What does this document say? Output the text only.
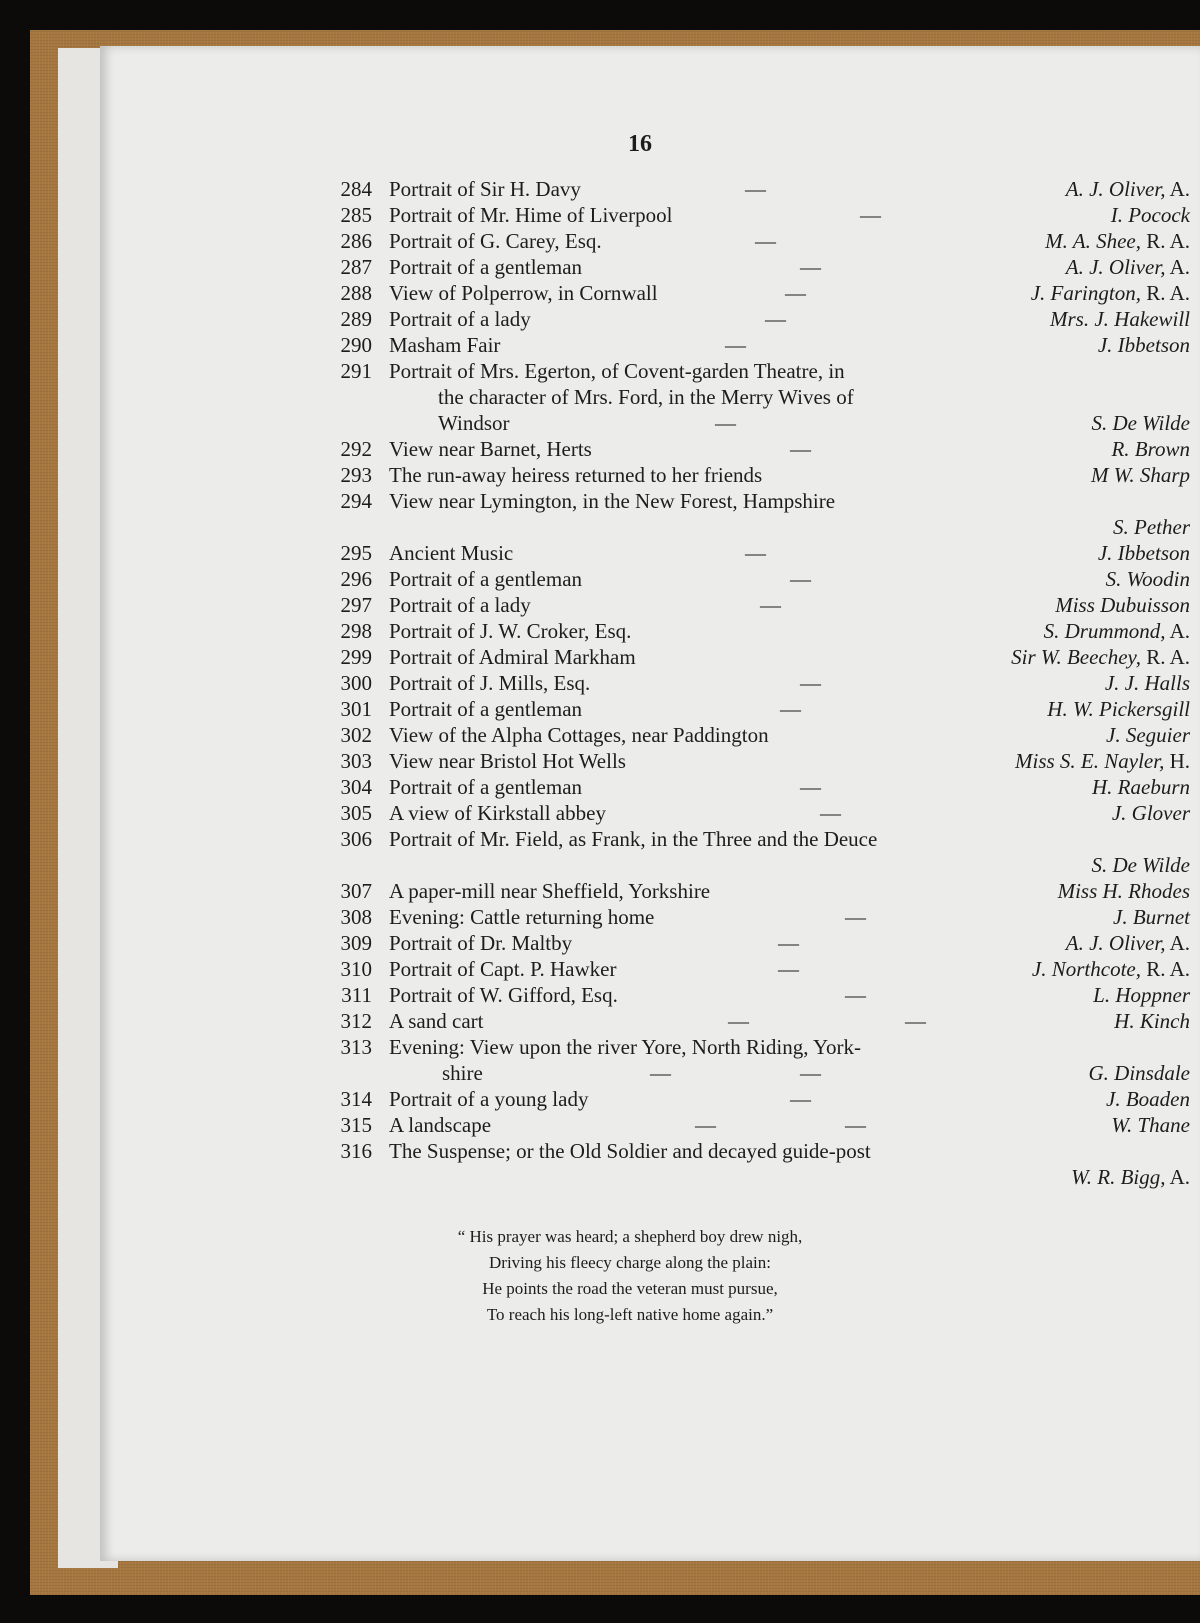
16
284 Portrait of Sir H. Davy	—	A. J. Oliver, A.
285 Portrait of Mr. Hime of Liverpool	—	I. Pocock
286 Portrait of G. Carey, Esq.	—	M. A. Shee, R. A.
287 Portrait of a gentleman	—	A. J. Oliver, A.
288 View of Polperrow, in Cornwall	—	J. Farington, R. A.
289 Portrait of a lady	—	Mrs. J. Hakewill
290 Masham Fair	—	J. Ibbetson
291 Portrait of Mrs. Egerton, of Covent-garden Theatre, in
the character of Mrs. Ford, in the Merry Wives of
Windsor	—	S. De Wilde
292 View near Barnet, Herts	—	R. Brown
293 The run-away heiress returned to her friends	M W. Sharp
294 View near Lymington, in the New Forest, Hampshire
S. Pether
295 Ancient Music	—	J. Ibbetson
296 Portrait of a gentleman	—	S. Woodin
297 Portrait of a lady	—	Miss Dubuisson
298 Portrait of J. W. Croker, Esq.	S. Drummond, A.
299 Portrait of Admiral Markham	Sir W. Beechey, R. A.
300 Portrait of J. Mills, Esq.	—	J. J. Halls
301 Portrait of a gentleman	—	H. W. Pickersgill
302 View of the Alpha Cottages, near Paddington	J. Seguier
303 View near Bristol Hot Wells	Miss S. E. Nayler, H.
304 Portrait of a gentleman	—	H. Raeburn
305 A view of Kirkstall abbey	—	J. Glover
306 Portrait of Mr. Field, as Frank, in the Three and the Deuce
S. De Wilde
307 A paper-mill near Sheffield, Yorkshire	Miss H. Rhodes
308 Evening: Cattle returning home	—	J. Burnet
309 Portrait of Dr. Maltby	—	A. J. Oliver, A.
310 Portrait of Capt. P. Hawker	—	J. Northcote, R. A.
311 Portrait of W. Gifford, Esq.	—	L. Hoppner
312 A sand cart	—	—	H. Kinch
313 Evening: View upon the river Yore, North Riding, York-
shire	—	—	G. Dinsdale
314 Portrait of a young lady	—	J. Boaden
315 A landscape	—	—	W. Thane
316 The Suspense; or the Old Soldier and decayed guide-post
W. R. Bigg, A.
“ His prayer was heard; a shepherd boy drew nigh,
Driving his fleecy charge along the plain:
He points the road the veteran must pursue,
To reach his long-left native home again.”
